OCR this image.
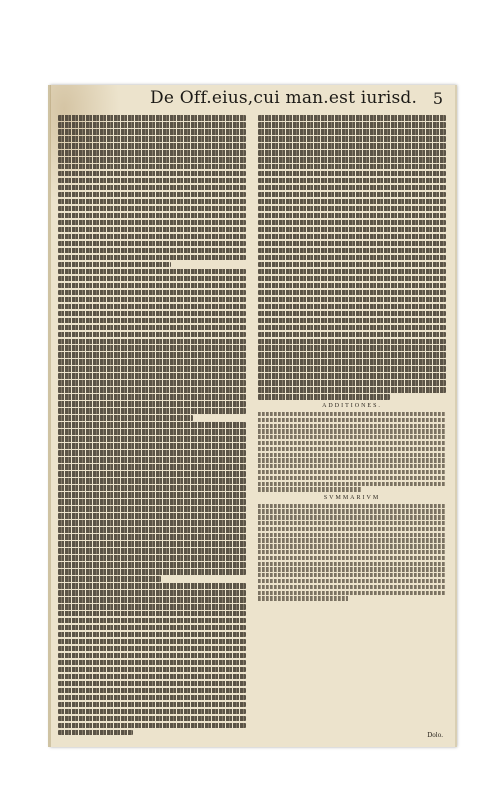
De Off.eius,cui man.est iurisd. 5
ADDITIONES.
SVMMARIVM
Dolo.
